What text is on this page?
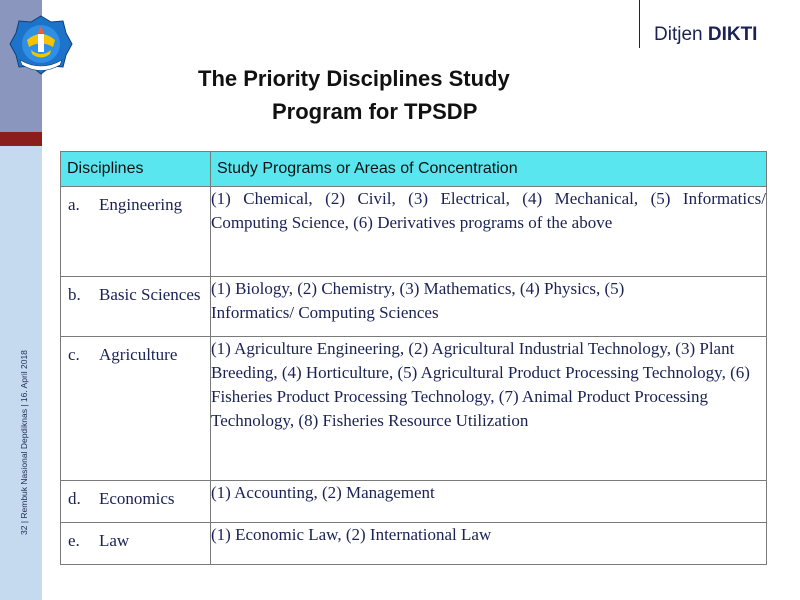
32 | Rembuk Nasional Depdiknas | 16. April 2018
Ditjen DIKTI
The Priority Disciplines Study
Program for TPSDP
Disciplines	Study Programs or Areas of Concentration

a. Engineering	(1) Chemical, (2) Civil, (3) Electrical, (4) Mechanical, (5) Informatics/ Computing Science, (6) Derivatives programs of the above

b. Basic Sciences	(1) Biology, (2) Chemistry, (3) Mathematics, (4) Physics, (5) Informatics/ Computing Sciences

c. Agriculture	(1) Agriculture Engineering, (2) Agricultural Industrial Technology, (3) Plant Breeding, (4) Horticulture, (5) Agricultural Product Processing Technology, (6) Fisheries Product Processing Technology, (7) Animal Product Processing Technology, (8) Fisheries Resource Utilization

d. Economics	(1) Accounting, (2) Management

e. Law	(1) Economic Law, (2) International Law
